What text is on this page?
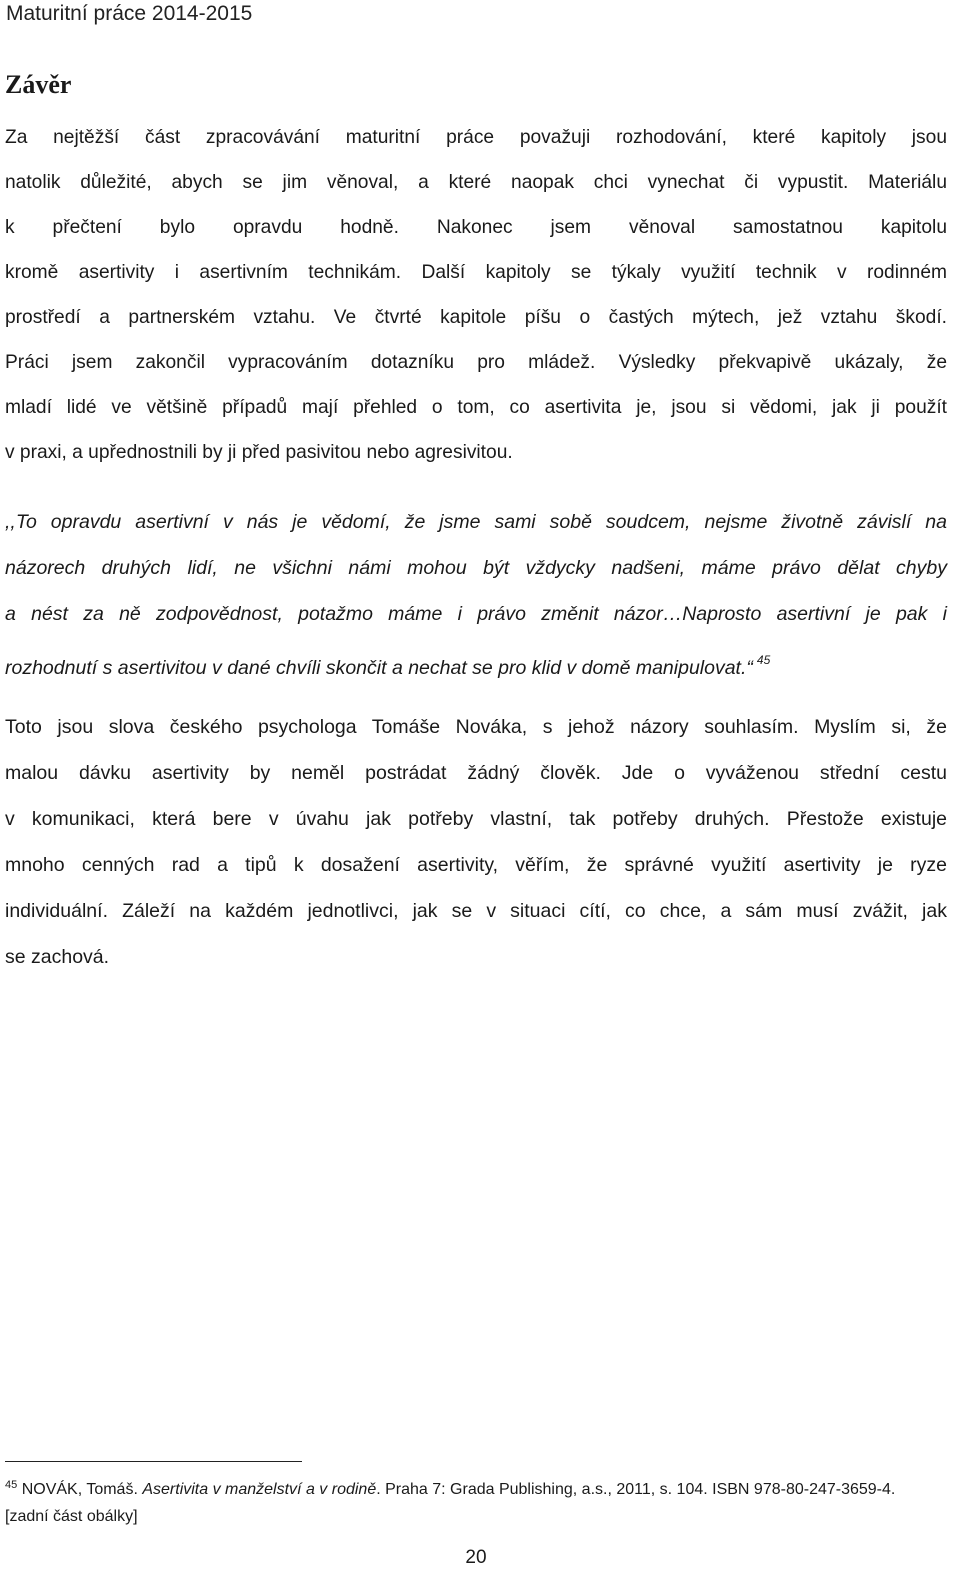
Maturitní práce 2014-2015
Závěr
Za nejtěžší část zpracovávání maturitní práce považuji rozhodování, které kapitoly jsou
natolik důležité, abych se jim věnoval, a které naopak chci vynechat či vypustit. Materiálu
k přečtení bylo opravdu hodně. Nakonec jsem věnoval samostatnou kapitolu
kromě asertivity i asertivním technikám. Další kapitoly se týkaly využití technik v rodinném
prostředí a partnerském vztahu. Ve čtvrté kapitole píšu o častých mýtech, jež vztahu škodí.
Práci jsem zakončil vypracováním dotazníku pro mládež. Výsledky překvapivě ukázaly, že
mladí lidé ve většině případů mají přehled o tom, co asertivita je, jsou si vědomi, jak ji použít
v praxi, a upřednostnili by ji před pasivitou nebo agresivitou.
,,To opravdu asertivní v nás je vědomí, že jsme sami sobě soudcem, nejsme životně závislí na
názorech druhých lidí, ne všichni námi mohou být vždycky nadšeni, máme právo dělat chyby
a nést za ně zodpovědnost, potažmo máme i právo změnit názor…Naprosto asertivní je pak i
rozhodnutí s asertivitou v dané chvíli skončit a nechat se pro klid v domě manipulovat.“ $^{45}$
Toto jsou slova českého psychologa Tomáše Nováka, s jehož názory souhlasím. Myslím si, že
malou dávku asertivity by neměl postrádat žádný člověk. Jde o vyváženou střední cestu
v komunikaci, která bere v úvahu jak potřeby vlastní, tak potřeby druhých. Přestože existuje
mnoho cenných rad a tipů k dosažení asertivity, věřím, že správné využití asertivity je ryze
individuální. Záleží na každém jednotlivci, jak se v situaci cítí, co chce, a sám musí zvážit, jak
se zachová.

$^{45}$ NOVÁK, Tomáš. Asertivita v manželství a v rodině. Praha 7: Grada Publishing, a.s., 2011, s. 104. ISBN 978-80-247-3659-4. [zadní část obálky]

20
